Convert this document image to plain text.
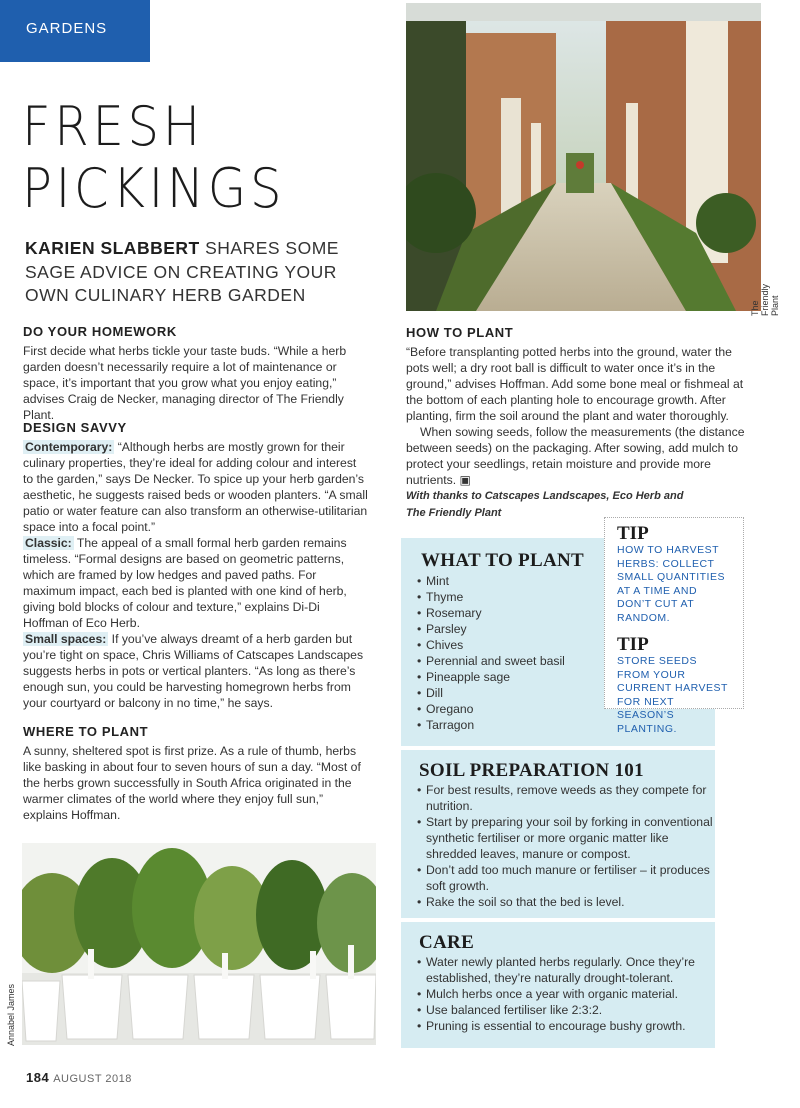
GARDENS
FRESH
PICKINGS
KARIEN SLABBERT SHARES SOME SAGE ADVICE ON CREATING YOUR OWN CULINARY HERB GARDEN
DO YOUR HOMEWORK

First decide what herbs tickle your taste buds. “While a herb garden doesn’t necessarily require a lot of maintenance or space, it’s important that you grow what you enjoy eating,” advises Craig de Necker, managing director of The Friendly Plant.

DESIGN SAVVY

Contemporary: “Although herbs are mostly grown for their culinary properties, they’re ideal for adding colour and interest to the garden,” says De Necker. To spice up your herb garden’s aesthetic, he suggests raised beds or wooden planters. “A small patio or water feature can also transform an otherwise-utilitarian space into a focal point.”

Classic: The appeal of a small formal herb garden remains timeless. “Formal designs are based on geometric patterns, which are framed by low hedges and paved paths. For maximum impact, each bed is planted with one kind of herb, giving bold blocks of colour and texture,” explains Di-Di Hoffman of Eco Herb.

Small spaces: If you’ve always dreamt of a herb garden but you’re tight on space, Chris Williams of Catscapes Landscapes suggests herbs in pots or vertical planters. “As long as there’s enough sun, you could be harvesting homegrown herbs from your courtyard or balcony in no time,” he says.

WHERE TO PLANT

A sunny, sheltered spot is first prize. As a rule of thumb, herbs like basking in about four to seven hours of sun a day. “Most of the herbs grown successfully in South Africa originated in the warmer climates of the world where they enjoy full sun,” explains Hoffman.

The Friendly Plant
HOW TO PLANT

“Before transplanting potted herbs into the ground, water the pots well; a dry root ball is difficult to water once it’s in the ground,” advises Hoffman. Add some bone meal or fishmeal at the bottom of each planting hole to encourage growth. After planting, firm the soil around the plant and water thoroughly.

When sowing seeds, follow the measurements (the distance between seeds) on the packaging. After sowing, add mulch to protect your seedlings, retain moisture and provide more nutrients. ▣

With thanks to Catscapes Landscapes, Eco Herb and The Friendly Plant
WHAT TO PLANT
• Mint
• Thyme
• Rosemary
• Parsley
• Chives
• Perennial and sweet basil
• Pineapple sage
• Dill
• Oregano
• Tarragon
SOIL PREPARATION 101
• For best results, remove weeds as they compete for nutrition.
• Start by preparing your soil by forking in conventional synthetic fertiliser or more organic matter like shredded leaves, manure or compost.
• Don’t add too much manure or fertiliser – it produces soft growth.
• Rake the soil so that the bed is level.
CARE
• Water newly planted herbs regularly. Once they’re established, they’re naturally drought-tolerant.
• Mulch herbs once a year with organic material.
• Use balanced fertiliser like 2:3:2.
• Pruning is essential to encourage bushy growth.
TIP

HOW TO HARVEST HERBS: COLLECT SMALL QUANTITIES AT A TIME AND DON’T CUT AT RANDOM.

TIP

STORE SEEDS FROM YOUR CURRENT HARVEST FOR NEXT SEASON’S PLANTING.

Annabel James
184 AUGUST 2018
